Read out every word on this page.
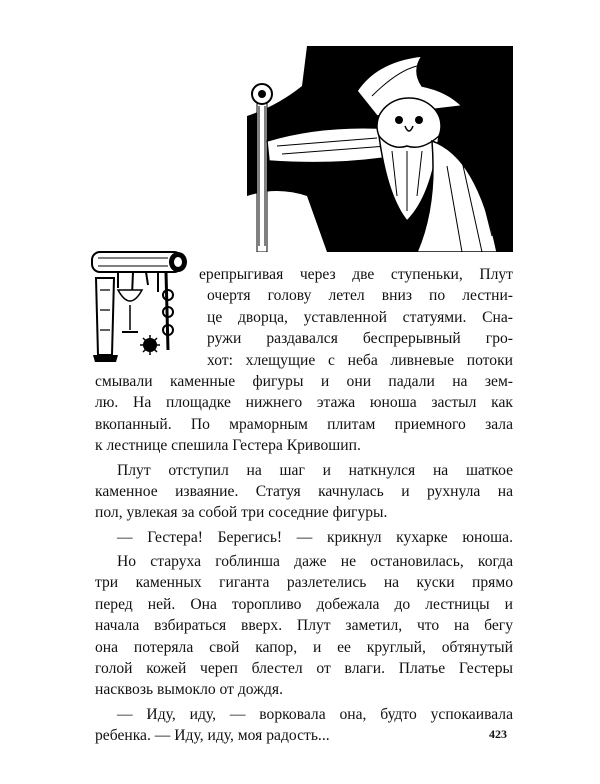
ерепрыгивая через две ступеньки, Плут
очертя голову летел вниз по лестни-
це дворца, уставленной статуями. Сна-
ружи раздавался беспрерывный гро-
хот: хлещущие с неба ливневые потоки
смывали каменные фигуры и они падали на зем-
лю. На площадке нижнего этажа юноша застыл как
вкопанный. По мраморным плитам приемного зала
к лестнице спешила Гестера Кривошип.
Плут отступил на шаг и наткнулся на шаткое
каменное изваяние. Статуя качнулась и рухнула на
пол, увлекая за собой три соседние фигуры.
— Гестера! Берегись! — крикнул кухарке юноша.
Но старуха гоблинша даже не остановилась, когда
три каменных гиганта разлетелись на куски прямо
перед ней. Она торопливо добежала до лестницы и
начала взбираться вверх. Плут заметил, что на бегу
она потеряла свой капор, и ее круглый, обтянутый
голой кожей череп блестел от влаги. Платье Гестеры
насквозь вымокло от дождя.
— Иду, иду, — ворковала она, будто успокаивала
ребенка. — Иду, иду, моя радость...	423
